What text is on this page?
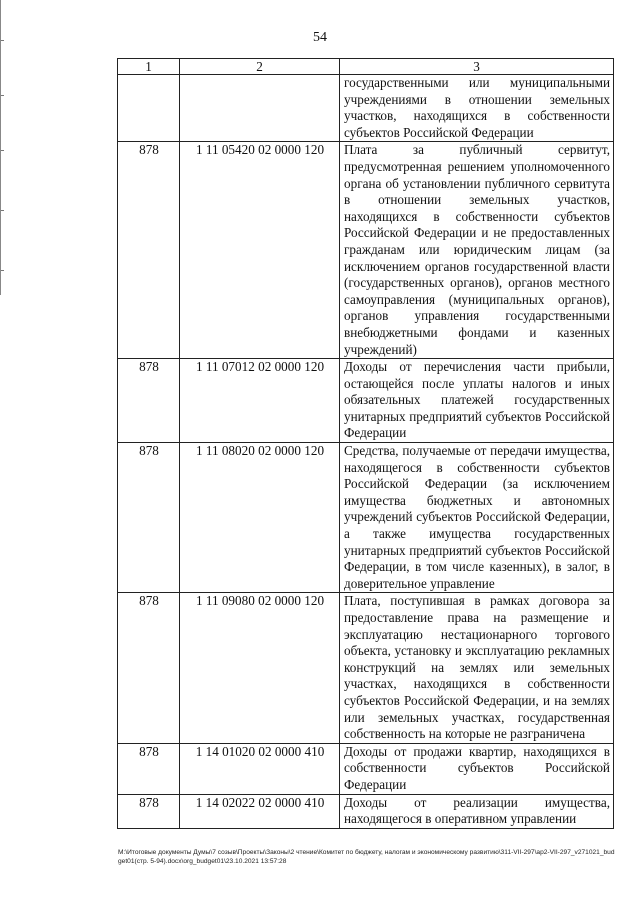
54
1	2	3
		государственными или муниципальными учреждениями в отношении земельных участков, находящихся в собственности субъектов Российской Федерации
878	1 11 05420 02 0000 120	Плата за публичный сервитут, предусмотренная решением уполномоченного органа об установлении публичного сервитута в отношении земельных участков, находящихся в собственности субъектов Российской Федерации и не предоставленных гражданам или юридическим лицам (за исключением органов государственной власти (государственных органов), органов местного самоуправления (муниципальных органов), органов управления государственными внебюджетными фондами и казенных учреждений)
878	1 11 07012 02 0000 120	Доходы от перечисления части прибыли, остающейся после уплаты налогов и иных обязательных платежей государственных унитарных предприятий субъектов Российской Федерации
878	1 11 08020 02 0000 120	Средства, получаемые от передачи имущества, находящегося в собственности субъектов Российской Федерации (за исключением имущества бюджетных и автономных учреждений субъектов Российской Федерации, а также имущества государственных унитарных предприятий субъектов Российской Федерации, в том числе казенных), в залог, в доверительное управление
878	1 11 09080 02 0000 120	Плата, поступившая в рамках договора за предоставление права на размещение и эксплуатацию нестационарного торгового объекта, установку и эксплуатацию рекламных конструкций на землях или земельных участках, находящихся в собственности субъектов Российской Федерации, и на землях или земельных участках, государственная собственность на которые не разграничена
878	1 14 01020 02 0000 410	Доходы от продажи квартир, находящихся в собственности субъектов Российской Федерации
878	1 14 02022 02 0000 410	Доходы от реализации имущества, находящегося в оперативном управлении
M:\Итоговые документы Думы\7 созыв\Проекты\Законы\2 чтение\Комитет по бюджету, налогам и экономическому развитию\311-VII-297\ap2-VII-297_v271021_budget01(стр. 5-94).docx\org_budget01\23.10.2021 13:57:28
